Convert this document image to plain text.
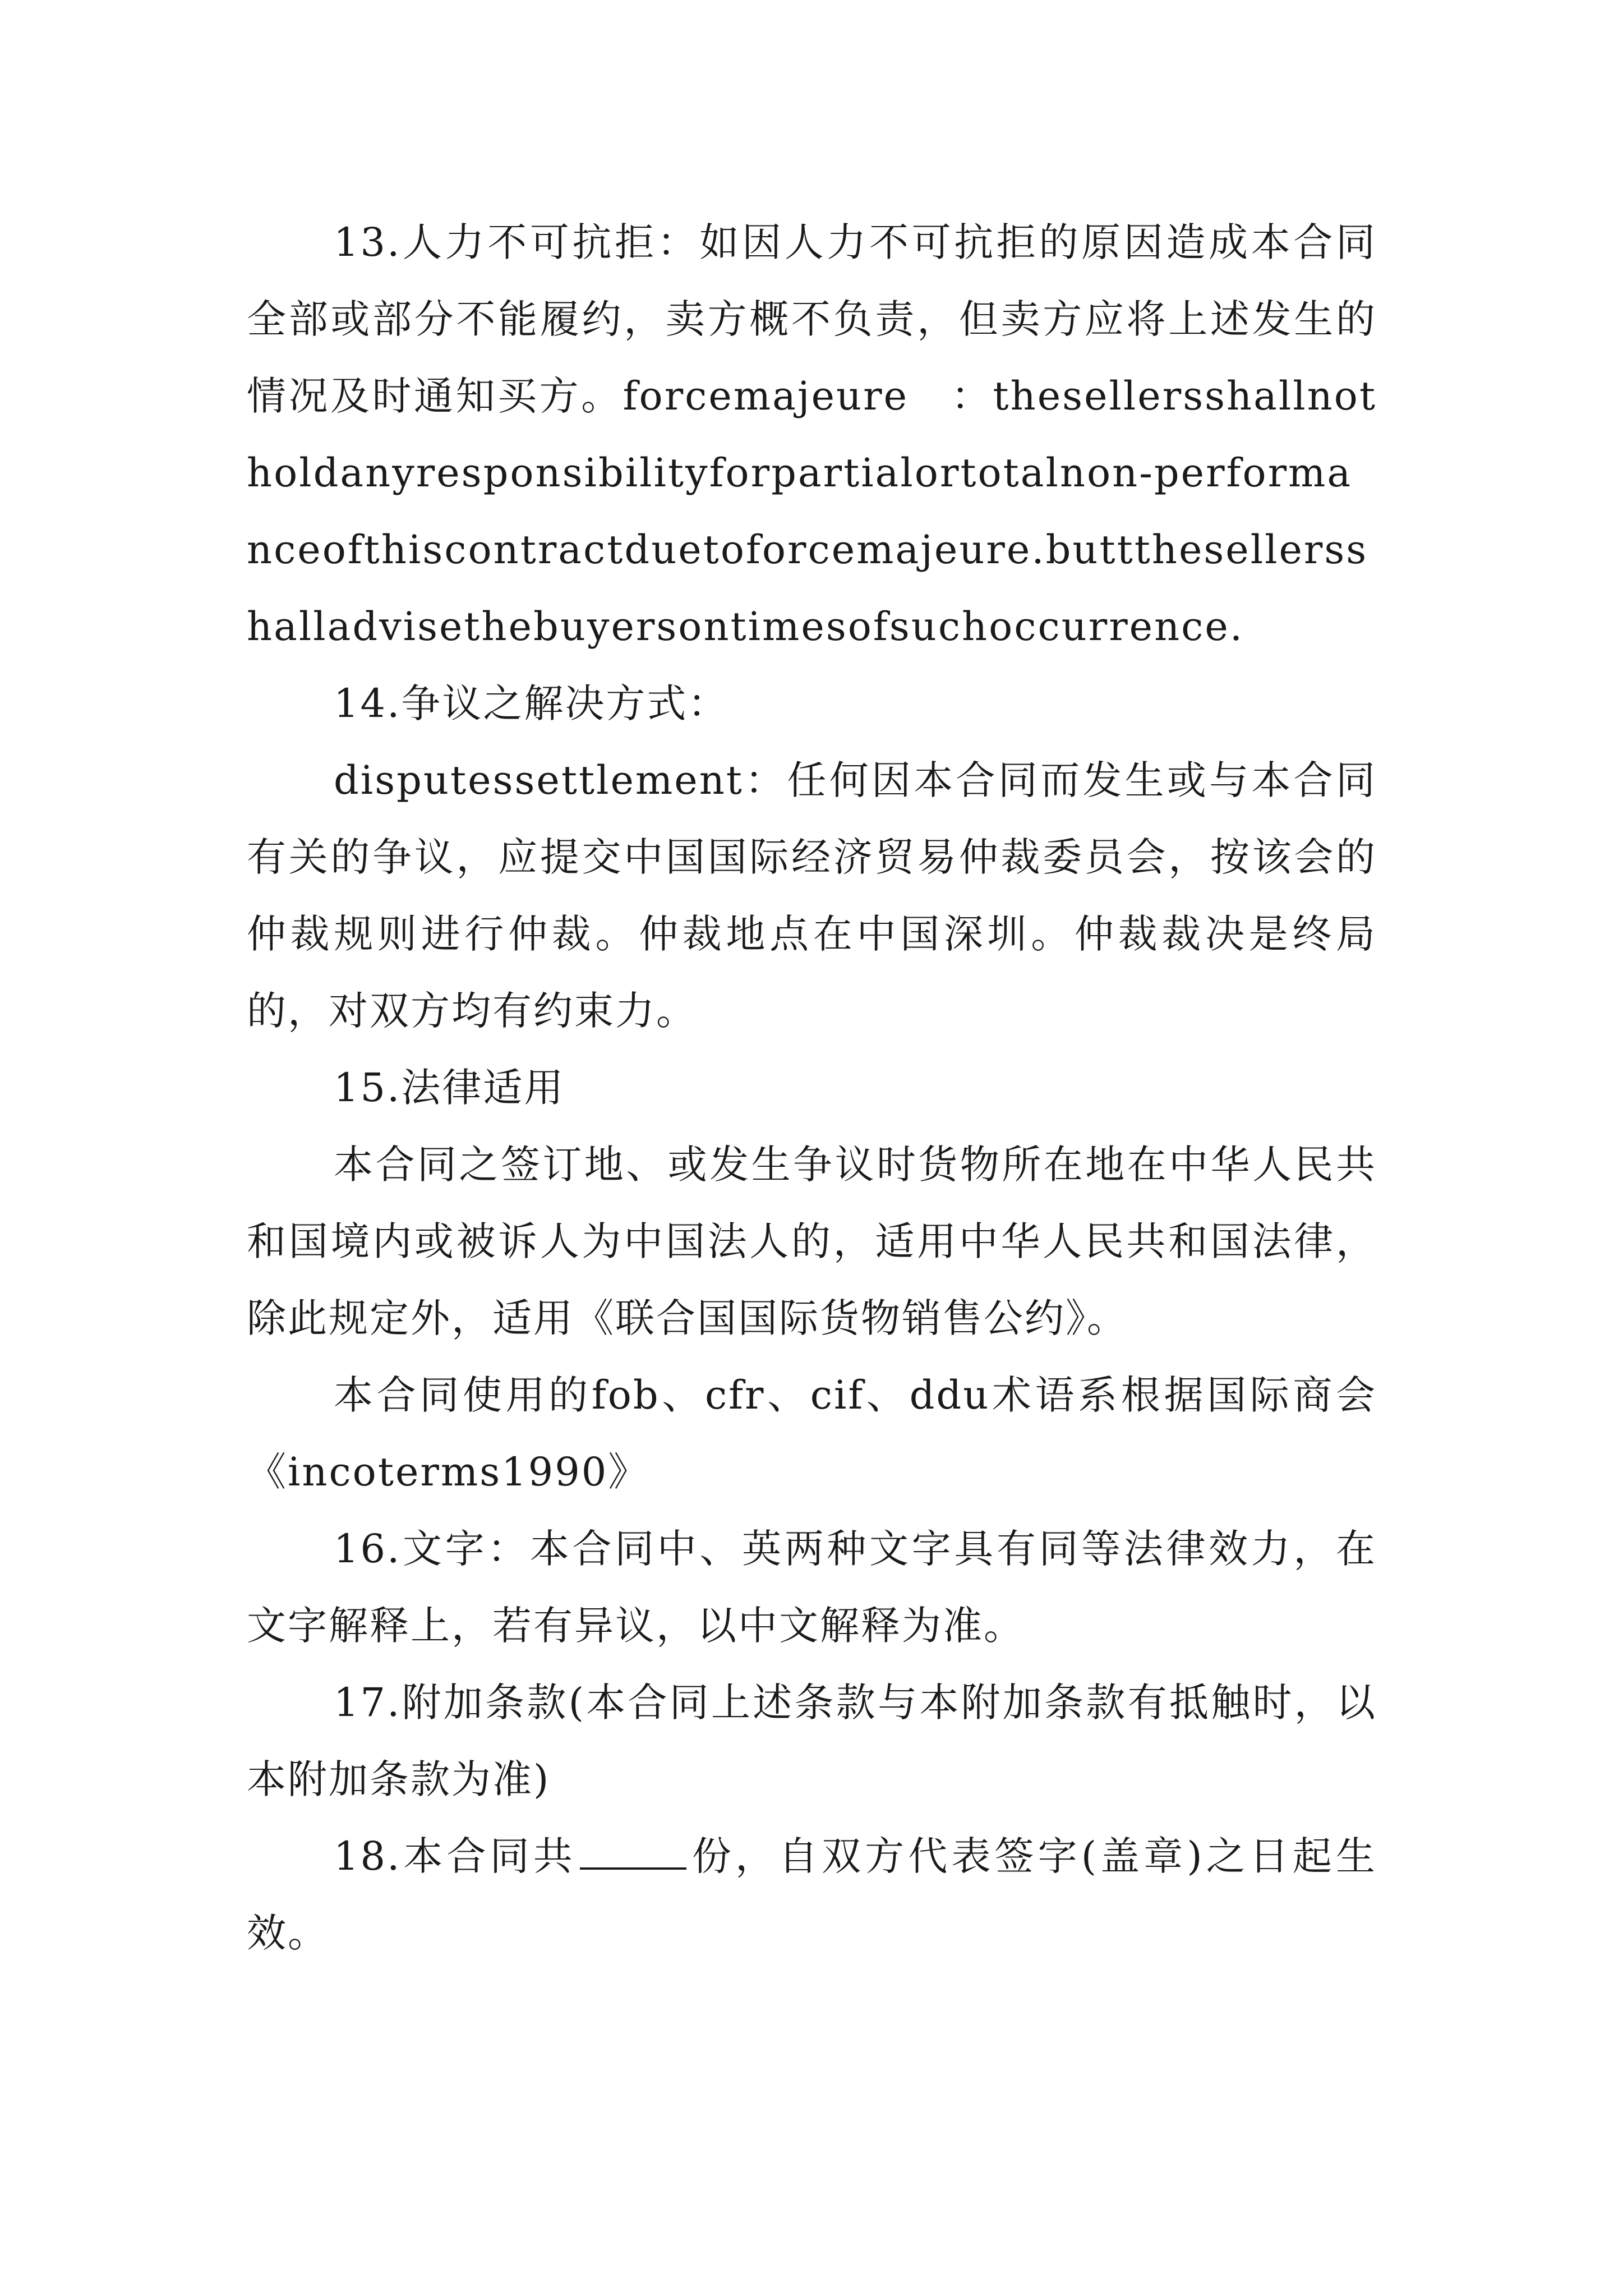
13.人力不可抗拒：如因人力不可抗拒的原因造成本合同全部或部分不能履约，卖方概不负责，但卖方应将上述发生的情况及时通知买方。forcemajeure　：thesellersshallnotholdanyresponsibilityforpartialortotalnon-performanceofthiscontractduetoforcemajeure.buttthesellersshalladvisethebuyersontimesofsuchoccurrence.

14.争议之解决方式：

disputessettlement：任何因本合同而发生或与本合同有关的争议，应提交中国国际经济贸易仲裁委员会，按该会的仲裁规则进行仲裁。仲裁地点在中国深圳。仲裁裁决是终局的，对双方均有约束力。

15.法律适用

本合同之签订地、或发生争议时货物所在地在中华人民共和国境内或被诉人为中国法人的，适用中华人民共和国法律，除此规定外，适用《联合国国际货物销售公约》。

本合同使用的fob、cfr、cif、ddu术语系根据国际商会《incoterms1990》

16.文字：本合同中、英两种文字具有同等法律效力，在文字解释上，若有异议，以中文解释为准。

17.附加条款(本合同上述条款与本附加条款有抵触时，以本附加条款为准)

18.本合同共	份，自双方代表签字(盖章)之日起生效。
